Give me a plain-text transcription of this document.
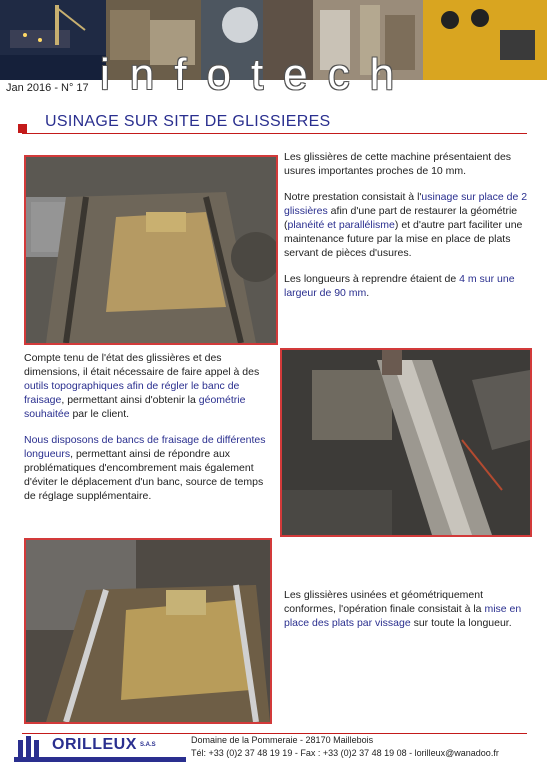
infotech
Jan 2016 - N° 17
USINAGE SUR SITE DE GLISSIERES

Les glissières de cette machine présentaient des usures importantes proches de 10 mm.

Notre prestation consistait à l'usinage sur place de 2 glissières afin d'une part de restaurer la géométrie (planéité et parallélisme) et d'autre part faciliter une maintenance future par la mise en place de plats servant de pièces d'usures.

Les longueurs à reprendre étaient de 4 m sur une largeur de 90 mm.

Compte tenu de l'état des glissières et des dimensions, il était nécessaire de faire appel à des outils topographiques afin de régler le banc de fraisage, permettant ainsi d'obtenir la géométrie souhaitée par le client.

Nous disposons de bancs de fraisage de différentes longueurs, permettant ainsi de répondre aux problématiques d'encombrement mais également d'éviter le déplacement d'un banc, source de temps de réglage supplémentaire.

Les glissières usinées et géométriquement conformes, l'opération finale consistait à la mise en place des plats par vissage sur toute la longueur.

ORILLEUX S.A.S	Domaine de la Pommeraie - 28170 Maillebois
Tél: +33 (0)2 37 48 19 19 - Fax : +33 (0)2 37 48 19 08 - lorilleux@wanadoo.fr
